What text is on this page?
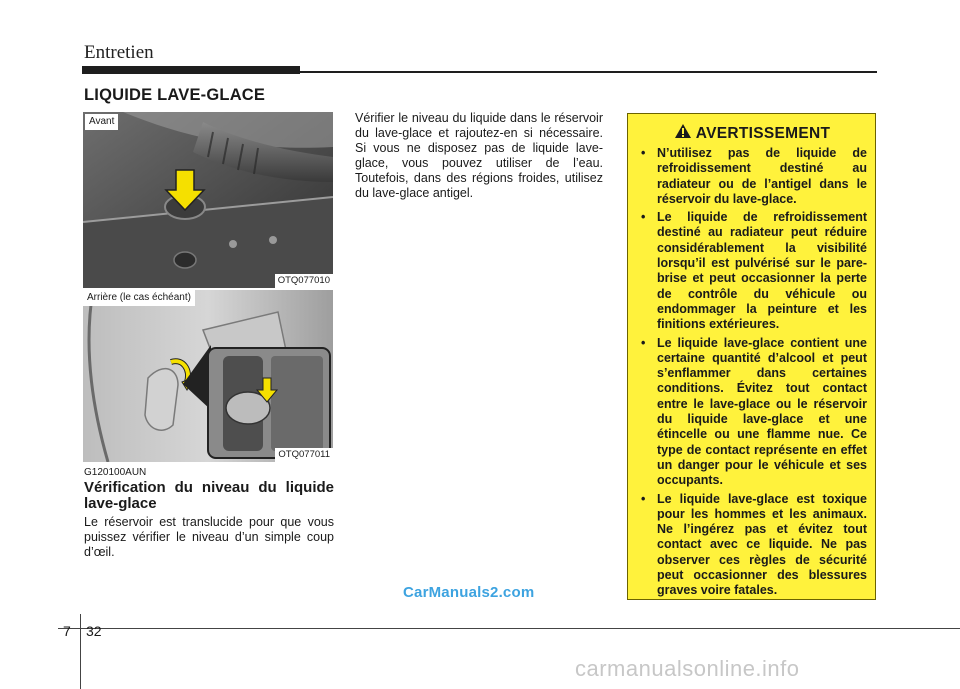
Entretien
LIQUIDE LAVE-GLACE
Avant
OTQ077010
Arrière (le cas échéant)
OTQ077011
G120100AUN
Vérification du niveau du liquide lave-glace
Le réservoir est translucide pour que vous puissez vérifier le niveau d’un simple coup d’œil.
Vérifier le niveau du liquide dans le réservoir du lave-glace et rajoutez-en si nécessaire. Si vous ne disposez pas de liquide lave-glace, vous pouvez utiliser de l’eau. Toutefois, dans des régions froides, utilisez du lave-glace antigel.
AVERTISSEMENT
• N’utilisez pas de liquide de refroidissement destiné au radiateur ou de l’antigel dans le réservoir du lave-glace.
• Le liquide de refroidissement destiné au radiateur peut réduire considérablement la visibilité lorsqu’il est pulvérisé sur le pare-brise et peut occasionner la perte de contrôle du véhicule ou endommager la peinture et les finitions extérieures.
• Le liquide lave-glace contient une certaine quantité d’alcool et peut s’enflammer dans certaines conditions. Évitez tout contact entre le lave-glace ou le réservoir du liquide lave-glace et une étincelle ou une flamme nue. Ce type de contact représente en effet un danger pour le véhicule et ses occupants.
• Le liquide lave-glace est toxique pour les hommes et les animaux. Ne l’ingérez pas et évitez tout contact avec ce liquide. Ne pas observer ces règles de sécurité peut occasionner des blessures graves voire fatales.
CarManuals2.com
7 32
carmanualsonline.info
